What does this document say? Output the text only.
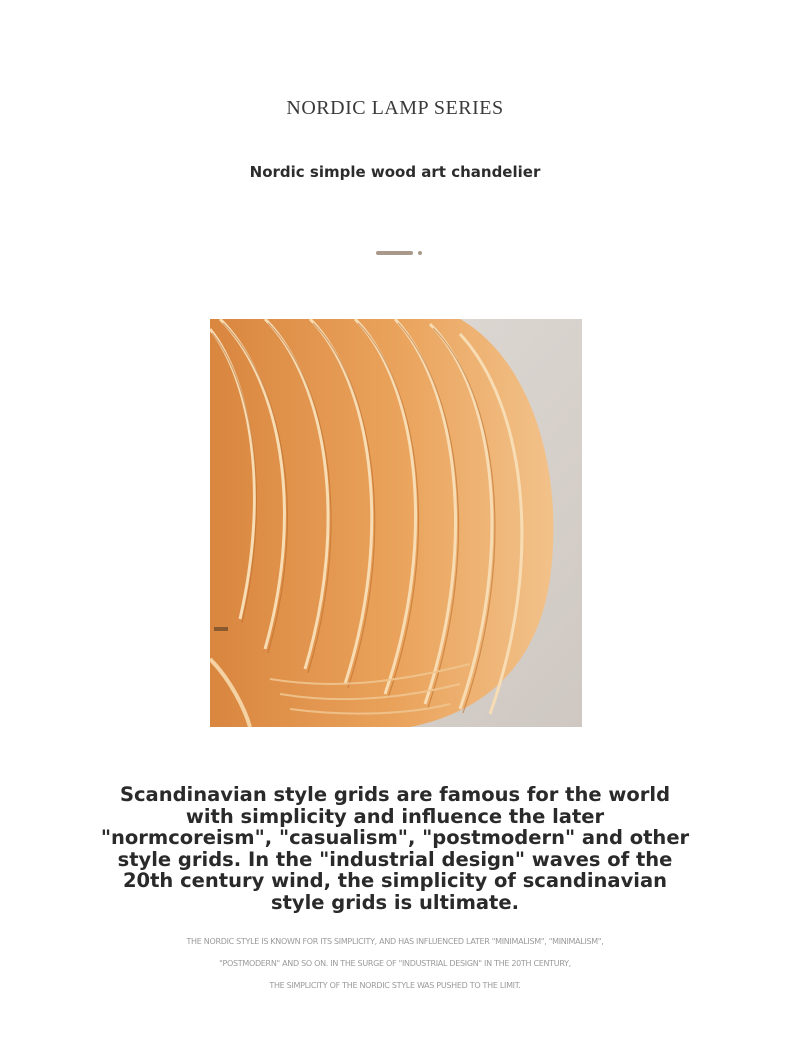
NORDIC LAMP SERIES
Nordic simple wood art chandelier
Scandinavian style grids are famous for the world with simplicity and influence the later "normcoreism", "casualism", "postmodern" and other style grids. In the "industrial design" waves of the 20th century wind, the simplicity of scandinavian style grids is ultimate.
THE NORDIC STYLE IS KNOWN FOR ITS SIMPLICITY, AND HAS INFLUENCED LATER "MINIMALISM", "MINIMALISM",
"POSTMODERN" AND SO ON. IN THE SURGE OF "INDUSTRIAL DESIGN" IN THE 20TH CENTURY,
THE SIMPLICITY OF THE NORDIC STYLE WAS PUSHED TO THE LIMIT.
